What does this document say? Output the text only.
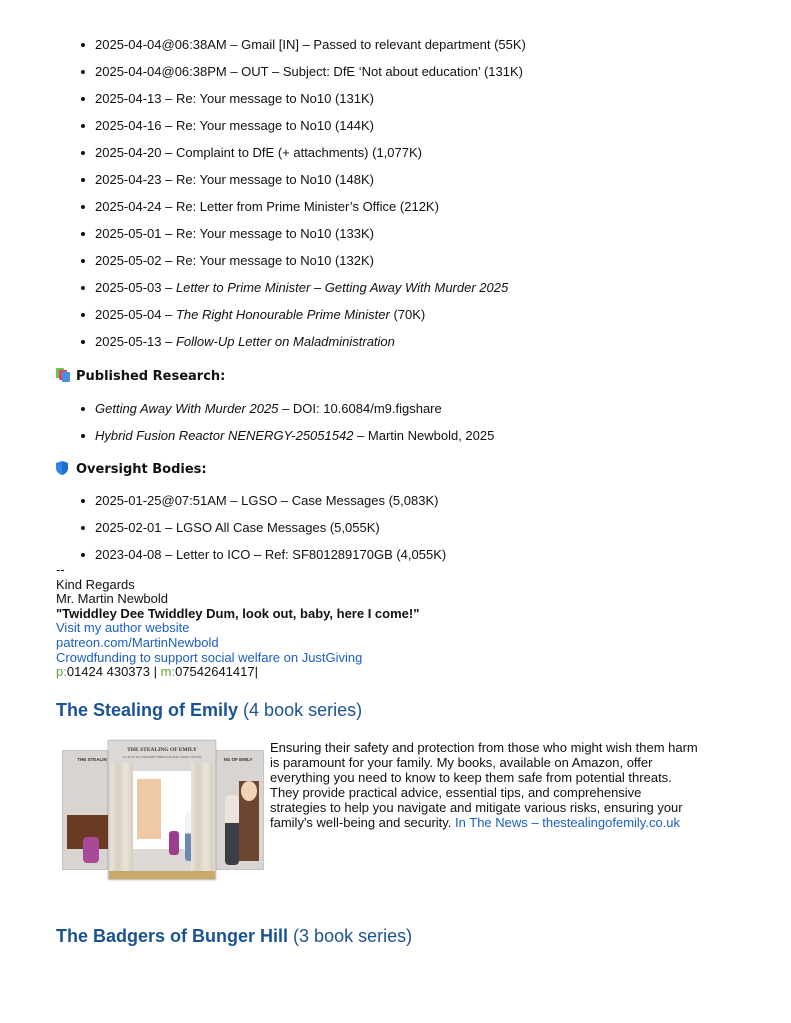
2025-04-04@06:38AM – Gmail [IN] – Passed to relevant department (55K)
2025-04-04@06:38PM – OUT – Subject: DfE ‘Not about education’ (131K)
2025-04-13 – Re: Your message to No10 (131K)
2025-04-16 – Re: Your message to No10 (144K)
2025-04-20 – Complaint to DfE (+ attachments) (1,077K)
2025-04-23 – Re: Your message to No10 (148K)
2025-04-24 – Re: Letter from Prime Minister’s Office (212K)
2025-05-01 – Re: Your message to No10 (133K)
2025-05-02 – Re: Your message to No10 (132K)
2025-05-03 – Letter to Prime Minister – Getting Away With Murder 2025
2025-05-04 – The Right Honourable Prime Minister (70K)
2025-05-13 – Follow-Up Letter on Maladministration
Published Research:
Getting Away With Murder 2025 – DOI: 10.6084/m9.figshare
Hybrid Fusion Reactor NENERGY-25051542 – Martin Newbold, 2025
Oversight Bodies:
2025-01-25@07:51AM – LGSO – Case Messages (5,083K)
2025-02-01 – LGSO All Case Messages (5,055K)
2023-04-08 – Letter to ICO – Ref: SF801289170GB (4,055K)
--
Kind Regards
Mr. Martin Newbold
"Twiddley Dee Twiddley Dum, look out, baby, here I come!"
Visit my author website
patreon.com/MartinNewbold
Crowdfunding to support social welfare on JustGiving
p:01424 430373 | m:07542641417|
The Stealing of Emily (4 book series)
THE STEALIN	NG OF EMILY
THE STEALING OF EMILY
A CYCLE OF CHILDREN THROUGH OUR COURT SYSTEM
Ensuring their safety and protection from those who might wish them harm is paramount for your family. My books, available on Amazon, offer everything you need to know to keep them safe from potential threats. They provide practical advice, essential tips, and comprehensive strategies to help you navigate and mitigate various risks, ensuring your family's well-being and security. In The News – thestealingofemily.co.uk
The Badgers of Bunger Hill (3 book series)
